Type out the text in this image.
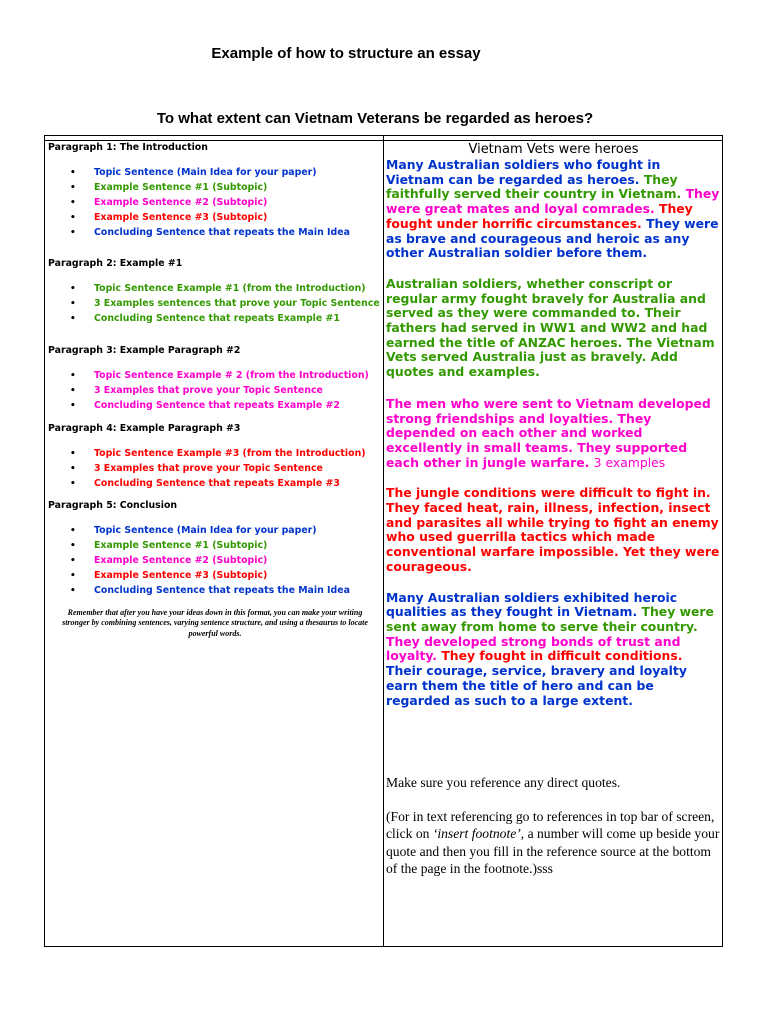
Example of how to structure an essay
To what extent can Vietnam Veterans be regarded as heroes?

Paragraph 1: The Introduction

• Topic Sentence (Main Idea for your paper)
• Example Sentence #1 (Subtopic)
• Example Sentence #2 (Subtopic)
• Example Sentence #3 (Subtopic)
• Concluding Sentence that repeats the Main Idea

Paragraph 2: Example #1

• Topic Sentence Example #1 (from the Introduction)
• 3 Examples sentences that prove your Topic Sentence
• Concluding Sentence that repeats Example #1

Paragraph 3: Example Paragraph #2

• Topic Sentence Example # 2 (from the Introduction)
• 3 Examples that prove your Topic Sentence
• Concluding Sentence that repeats Example #2

Paragraph 4: Example Paragraph #3

• Topic Sentence Example #3 (from the Introduction)
• 3 Examples that prove your Topic Sentence
• Concluding Sentence that repeats Example #3

Paragraph 5: Conclusion

• Topic Sentence (Main Idea for your paper)
• Example Sentence #1 (Subtopic)
• Example Sentence #2 (Subtopic)
• Example Sentence #3 (Subtopic)
• Concluding Sentence that repeats the Main Idea

Remember that after you have your ideas down in this format, you can make your writing stronger by combining sentences, varying sentence structure, and using a thesaurus to locate powerful words.

Vietnam Vets were heroes

Many Australian soldiers who fought in Vietnam can be regarded as heroes. They faithfully served their country in Vietnam. They were great mates and loyal comrades. They fought under horrific circumstances. They were as brave and courageous and heroic as any other Australian soldier before them.

Australian soldiers, whether conscript or regular army fought bravely for Australia and served as they were commanded to. Their fathers had served in WW1 and WW2 and had earned the title of ANZAC heroes. The Vietnam Vets served Australia just as bravely. Add quotes and examples.

The men who were sent to Vietnam developed strong friendships and loyalties. They depended on each other and worked excellently in small teams. They supported each other in jungle warfare. 3 examples

The jungle conditions were difficult to fight in. They faced heat, rain, illness, infection, insect and parasites all while trying to fight an enemy who used guerrilla tactics which made conventional warfare impossible. Yet they were courageous.

Many Australian soldiers exhibited heroic qualities as they fought in Vietnam. They were sent away from home to serve their country. They developed strong bonds of trust and loyalty. They fought in difficult conditions. Their courage, service, bravery and loyalty earn them the title of hero and can be regarded as such to a large extent.

Make sure you reference any direct quotes.

(For in text referencing go to references in top bar of screen, click on ‘insert footnote’, a number will come up beside your quote and then you fill in the reference source at the bottom of the page in the footnote.)sss
